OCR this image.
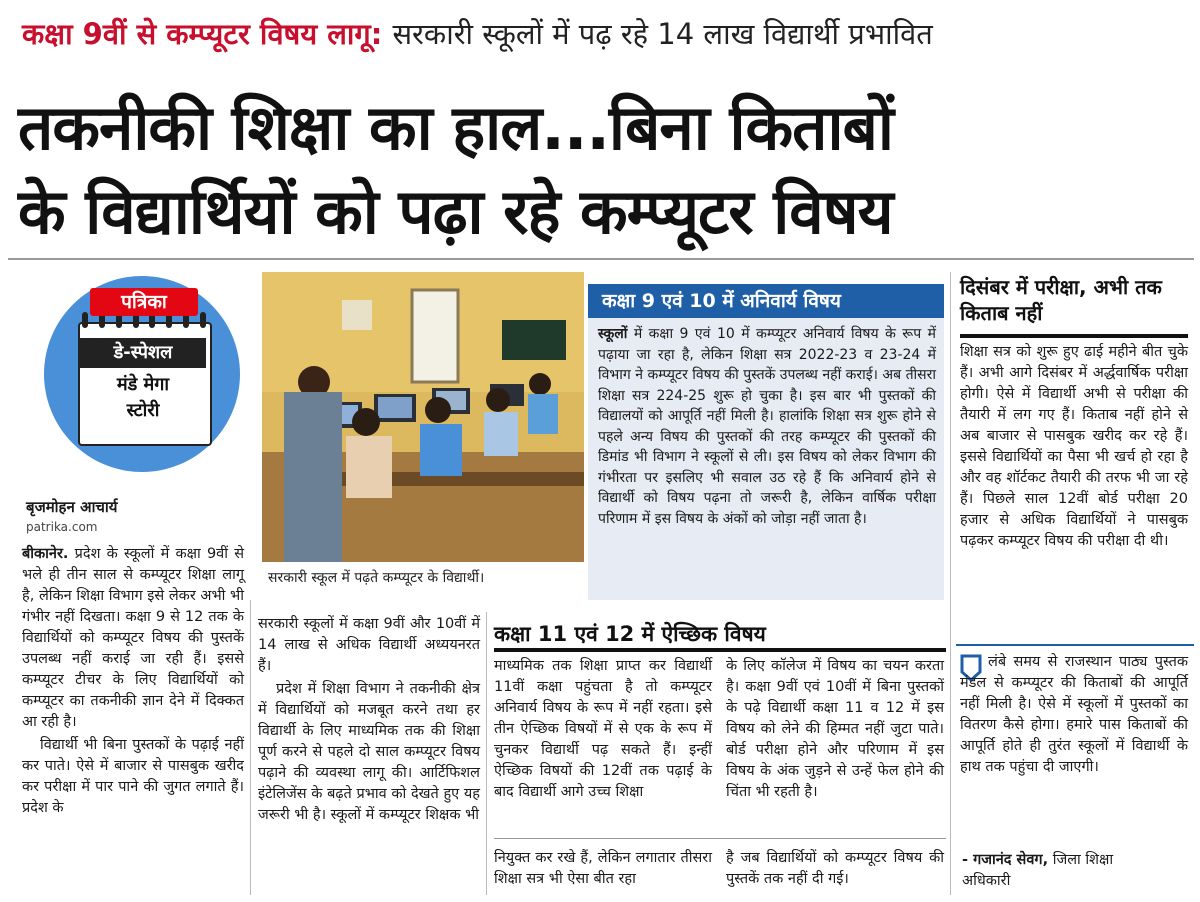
कक्षा 9वीं से कम्प्यूटर विषय लागू: सरकारी स्कूलों में पढ़ रहे 14 लाख विद्यार्थी प्रभावित
तकनीकी शिक्षा का हाल...बिना किताबों
के विद्यार्थियों को पढ़ा रहे कम्प्यूटर विषय
पत्रिका
डे-स्पेशल
मंडे मेगा
स्टोरी
बृजमोहन आचार्य
patrika.com

बीकानेर. प्रदेश के स्कूलों में कक्षा 9वीं से भले ही तीन साल से कम्प्यूटर शिक्षा लागू है, लेकिन शिक्षा विभाग इसे लेकर अभी भी गंभीर नहीं दिखता। कक्षा 9 से 12 तक के विद्यार्थियों को कम्प्यूटर विषय की पुस्तकें उपलब्ध नहीं कराई जा रही हैं। इससे कम्प्यूटर टीचर के लिए विद्यार्थियों को कम्प्यूटर का तकनीकी ज्ञान देने में दिक्कत आ रही है।

विद्यार्थी भी बिना पुस्तकों के पढ़ाई नहीं कर पाते। ऐसे में बाजार से पासबुक खरीद कर परीक्षा में पार पाने की जुगत लगाते हैं। प्रदेश के

सरकारी स्कूल में पढ़ते कम्प्यूटर के विद्यार्थी।
कक्षा 9 एवं 10 में अनिवार्य विषय

स्कूलों में कक्षा 9 एवं 10 में कम्प्यूटर अनिवार्य विषय के रूप में पढ़ाया जा रहा है, लेकिन शिक्षा सत्र 2022-23 व 23-24 में विभाग ने कम्प्यूटर विषय की पुस्तकें उपलब्ध नहीं कराई। अब तीसरा शिक्षा सत्र 224-25 शुरू हो चुका है। इस बार भी पुस्तकों की विद्यालयों को आपूर्ति नहीं मिली है। हालांकि शिक्षा सत्र शुरू होने से पहले अन्य विषय की पुस्तकों की तरह कम्प्यूटर की पुस्तकों की डिमांड भी विभाग ने स्कूलों से ली। इस विषय को लेकर विभाग की गंभीरता पर इसलिए भी सवाल उठ रहे हैं कि अनिवार्य होने से विद्यार्थी को विषय पढ़ना तो जरूरी है, लेकिन वार्षिक परीक्षा परिणाम में इस विषय के अंकों को जोड़ा नहीं जाता है।

सरकारी स्कूलों में कक्षा 9वीं और 10वीं में 14 लाख से अधिक विद्यार्थी अध्ययनरत हैं।

प्रदेश में शिक्षा विभाग ने तकनीकी क्षेत्र में विद्यार्थियों को मजबूत करने तथा हर विद्यार्थी के लिए माध्यमिक तक की शिक्षा पूर्ण करने से पहले दो साल कम्प्यूटर विषय पढ़ाने की व्यवस्था लागू की। आर्टिफिशल इंटेलिजेंस के बढ़ते प्रभाव को देखते हुए यह जरूरी भी है। स्कूलों में कम्प्यूटर शिक्षक भी

कक्षा 11 एवं 12 में ऐच्छिक विषय
माध्यमिक तक शिक्षा प्राप्त कर विद्यार्थी 11वीं कक्षा पहुंचता है तो कम्प्यूटर अनिवार्य विषय के रूप में नहीं रहता। इसे तीन ऐच्छिक विषयों में से एक के रूप में चुनकर विद्यार्थी पढ़ सकते हैं। इन्हीं ऐच्छिक विषयों की 12वीं तक पढ़ाई के बाद विद्यार्थी आगे उच्च शिक्षा
के लिए कॉलेज में विषय का चयन करता है। कक्षा 9वीं एवं 10वीं में बिना पुस्तकों के पढ़े विद्यार्थी कक्षा 11 व 12 में इस विषय को लेने की हिम्मत नहीं जुटा पाते। बोर्ड परीक्षा होने और परिणाम में इस विषय के अंक जुड़ने से उन्हें फेल होने की चिंता भी रहती है।
नियुक्त कर रखे हैं, लेकिन लगातार तीसरा शिक्षा सत्र भी ऐसा बीत रहा
है जब विद्यार्थियों को कम्प्यूटर विषय की पुस्तकें तक नहीं दी गई।
दिसंबर में परीक्षा, अभी तक किताब नहीं
शिक्षा सत्र को शुरू हुए ढाई महीने बीत चुके हैं। अभी आगे दिसंबर में अर्द्धवार्षिक परीक्षा होगी। ऐसे में विद्यार्थी अभी से परीक्षा की तैयारी में लग गए हैं। किताब नहीं होने से अब बाजार से पासबुक खरीद कर रहे हैं। इससे विद्यार्थियों का पैसा भी खर्च हो रहा है और वह शॉर्टकट तैयारी की तरफ भी जा रहे हैं। पिछले साल 12वीं बोर्ड परीक्षा 20 हजार से अधिक विद्यार्थियों ने पासबुक पढ़कर कम्प्यूटर विषय की परीक्षा दी थी।

लंबे समय से राजस्थान पाठ्य पुस्तक मंडल से कम्प्यूटर की किताबों की आपूर्ति नहीं मिली है। ऐसे में स्कूलों में पुस्तकों का वितरण कैसे होगा। हमारे पास किताबों की आपूर्ति होते ही तुरंत स्कूलों में विद्यार्थी के हाथ तक पहुंचा दी जाएगी।

- गजानंद सेवग, जिला शिक्षा अधिकारी
